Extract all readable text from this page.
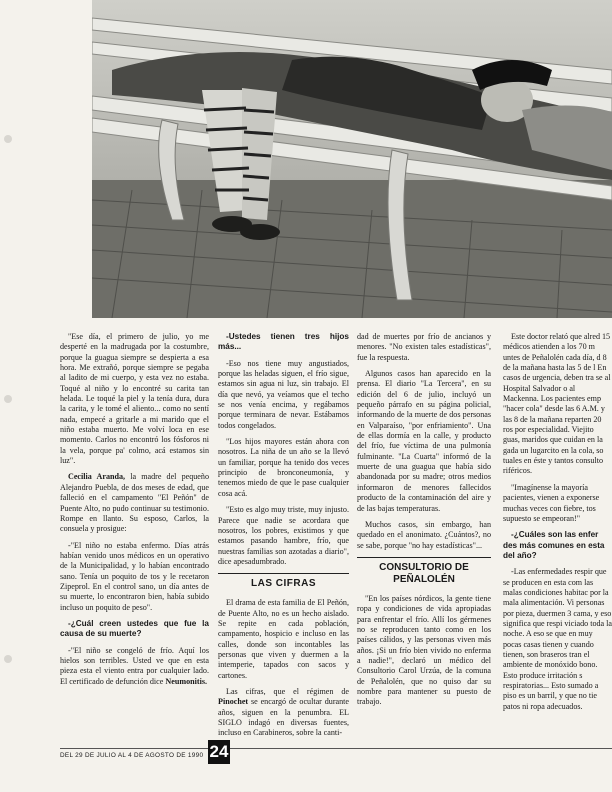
"Ese día, el primero de julio, yo me desperté en la madrugada por la costumbre, porque la guagua siempre se despierta a esa hora. Me extrañó, porque siempre se pegaba al ladito de mi cuerpo, y esta vez no estaba. Toqué al niño y lo encontré su carita tan helada. Le toqué la piel y la tenía dura, dura la carita, y le tomé el aliento... como no sentí nada, empecé a gritarle a mi marido que el niño estaba muerto. Me volví loca en ese momento. Carlos no encontró los fósforos ni la vela, porque pa' colmo, acá estamos sin luz".

Cecilia Aranda, la madre del pequeño Alejandro Puebla, de dos meses de edad, que falleció en el campamento "El Peñón" de Puente Alto, no pudo continuar su testimonio. Rompe en llanto. Su esposo, Carlos, la consuela y prosigue:

-"El niño no estaba enfermo. Días atrás habían venido unos médicos en un operativo de la Municipalidad, y lo habían encontrado sano. Tenía un poquito de tos y le recetaron Zipeprol. En el control sano, un día antes de su muerte, lo encontraron bien, había subido incluso un poquito de peso".

-¿Cuál creen ustedes que fue la causa de su muerte?

-"El niño se congeló de frío. Aquí los hielos son terribles. Usted ve que en esta pieza esta el viento entra por cualquier lado. El certificado de defunción dice Neumonitis.

-Ustedes tienen tres hijos más...

-Eso nos tiene muy angustiados, porque las heladas siguen, el frío sigue, estamos sin agua ni luz, sin trabajo. El día que nevó, ya veíamos que el techo se nos venía encima, y regábamos porque terminara de nevar. Estábamos todos congelados.

"Los hijos mayores están ahora con nosotros. La niña de un año se la llevó un familiar, porque ha tenido dos veces principio de bronconeumonía, y tenemos miedo de que le pase cualquier cosa acá.

"Esto es algo muy triste, muy injusto. Parece que nadie se acordara que nosotros, los pobres, existimos y que estamos pasando hambre, frío, que nuestras familias son azotadas a diario", dice apesadumbrado.

LAS CIFRAS

El drama de esta familia de El Peñón, de Puente Alto, no es un hecho aislado. Se repite en cada población, campamento, hospicio e incluso en las calles, donde son incontables las personas que viven y duermen a la intemperie, tapados con sacos y cartones.

Las cifras, que el régimen de Pinochet se encargó de ocultar durante años, siguen en la penumbra. EL SIGLO indagó en diversas fuentes, incluso en Carabineros, sobre la canti-

dad de muertes por frío de ancianos y menores. "No existen tales estadísticas", fue la respuesta.

Algunos casos han aparecido en la prensa. El diario "La Tercera", en su edición del 6 de julio, incluyó un pequeño párrafo en su página policial, informando de la muerte de dos personas en Valparaíso, "por enfriamiento". Una de ellas dormía en la calle, y producto del frío, fue víctima de una pulmonía fulminante. "La Cuarta" informó de la muerte de una guagua que había sido abandonada por su madre; otros medios informaron de menores fallecidos producto de la contaminación del aire y de las bajas temperaturas.

Muchos casos, sin embargo, han quedado en el anonimato. ¿Cuántos?, no se sabe, porque "no hay estadísticas"...

CONSULTORIO DE PEÑALOLÉN

"En los países nórdicos, la gente tiene ropa y condiciones de vida apropiadas para enfrentar el frío. Allí los gérmenes no se reproducen tanto como en los países cálidos, y las personas viven más años. ¡Si un frío bien vivido no enferma a nadie!", declaró un médico del Consultorio Carol Urzúa, de la comuna de Peñalolén, que no quiso dar su nombre para mantener su puesto de trabajo.

Este doctor relató que alred 15 médicos atienden a los 70 m untes de Peñalolén cada día, d 8 de la mañana hasta las 5 de l En casos de urgencia, deben tra se al Hospital Salvador o al Mackenna. Los pacientes emp "hacer cola" desde las 6 A.M. y las 8 de la mañana reparten 20 ros por especialidad. Viejito guas, maridos que cuidan en la gada un lugarcito en la cola, so tuales en éste y tantos consulto riféricos.

"Imagínense la mayoría pacientes, vienen a exponerse muchas veces con fiebre, tos supuesto se empeoran!"

-¿Cuáles son las enfer des más comunes en esta del año?

-Las enfermedades respir que se producen en esta com las malas condiciones habitac por la mala alimentación. Vi personas por pieza, duermen 3 cama, y eso significa que respi viciado toda la noche. A eso se que en muy pocas casas tienen y cuando tienen, son braseros tran el ambiente de monóxido bono. Esto produce irritación s respiratorias... Esto sumado a piso es un barril, y que no tie patos ni ropa adecuados.

DEL 29 DE JULIO AL 4 DE AGOSTO DE 1990 24
